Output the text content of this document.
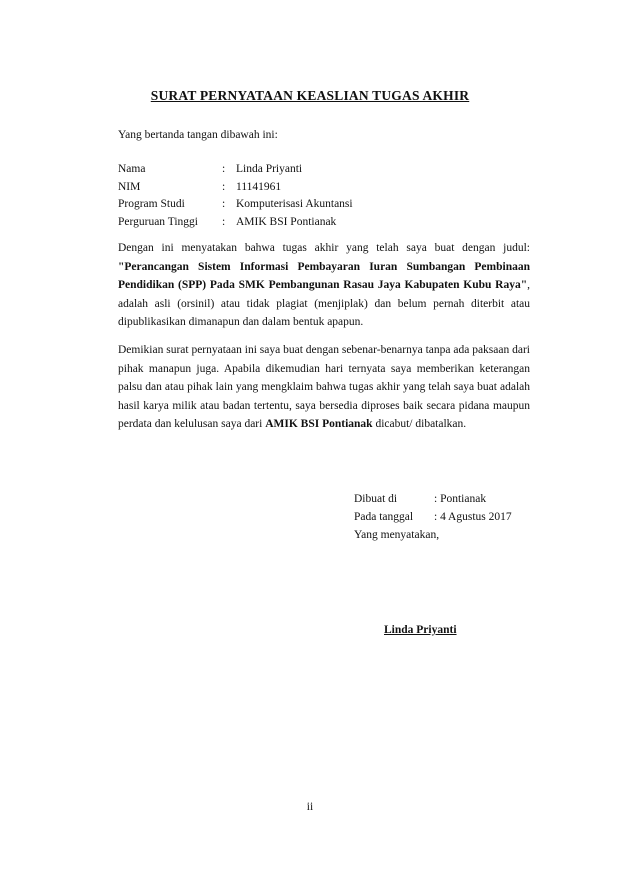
SURAT PERNYATAAN KEASLIAN TUGAS AKHIR
Yang bertanda tangan dibawah ini:
Nama	: Linda Priyanti
NIM	: 11141961
Program Studi	: Komputerisasi Akuntansi
Perguruan Tinggi : AMIK BSI Pontianak
Dengan ini menyatakan bahwa tugas akhir yang telah saya buat dengan judul: "Perancangan Sistem Informasi Pembayaran Iuran Sumbangan Pembinaan Pendidikan (SPP) Pada SMK Pembangunan Rasau Jaya Kabupaten Kubu Raya", adalah asli (orsinil) atau tidak plagiat (menjiplak) dan belum pernah diterbit atau dipublikasikan dimanapun dan dalam bentuk apapun.
Demikian surat pernyataan ini saya buat dengan sebenar-benarnya tanpa ada paksaan dari pihak manapun juga. Apabila dikemudian hari ternyata saya memberikan keterangan palsu dan atau pihak lain yang mengklaim bahwa tugas akhir yang telah saya buat adalah hasil karya milik atau badan tertentu, saya bersedia diproses baik secara pidana maupun perdata dan kelulusan saya dari AMIK BSI Pontianak dicabut/ dibatalkan.
Dibuat di	: Pontianak
Pada tanggal : 4 Agustus 2017
Yang menyatakan,
Linda Priyanti
ii
